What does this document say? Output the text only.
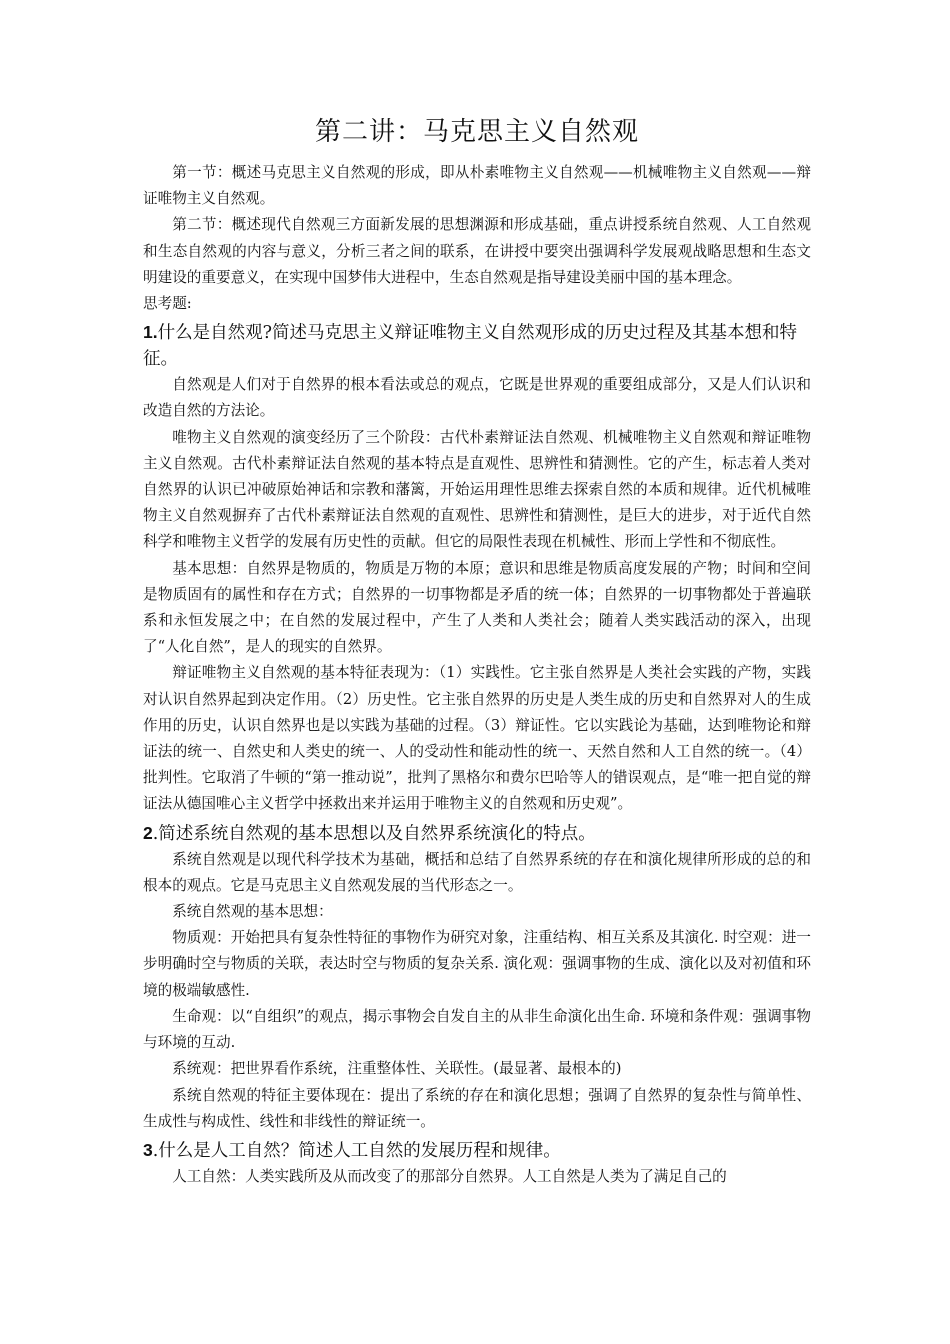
第二讲：马克思主义自然观

第一节：概述马克思主义自然观的形成，即从朴素唯物主义自然观——机械唯物主义自然观——辩证唯物主义自然观。

第二节：概述现代自然观三方面新发展的思想渊源和形成基础，重点讲授系统自然观、人工自然观和生态自然观的内容与意义，分析三者之间的联系，在讲授中要突出强调科学发展观战略思想和生态文明建设的重要意义，在实现中国梦伟大进程中，生态自然观是指导建设美丽中国的基本理念。

思考题:

1.什么是自然观?简述马克思主义辩证唯物主义自然观形成的历史过程及其基本想和特征。

自然观是人们对于自然界的根本看法或总的观点，它既是世界观的重要组成部分，又是人们认识和改造自然的方法论。

唯物主义自然观的演变经历了三个阶段：古代朴素辩证法自然观、机械唯物主义自然观和辩证唯物主义自然观。古代朴素辩证法自然观的基本特点是直观性、思辨性和猜测性。它的产生，标志着人类对自然界的认识已冲破原始神话和宗教和藩篱，开始运用理性思维去探索自然的本质和规律。近代机械唯物主义自然观摒弃了古代朴素辩证法自然观的直观性、思辨性和猜测性，是巨大的进步，对于近代自然科学和唯物主义哲学的发展有历史性的贡献。但它的局限性表现在机械性、形而上学性和不彻底性。

基本思想：自然界是物质的，物质是万物的本原；意识和思维是物质高度发展的产物；时间和空间是物质固有的属性和存在方式；自然界的一切事物都是矛盾的统一体；自然界的一切事物都处于普遍联系和永恒发展之中；在自然的发展过程中，产生了人类和人类社会；随着人类实践活动的深入，出现了“人化自然”，是人的现实的自然界。

辩证唯物主义自然观的基本特征表现为：（1）实践性。它主张自然界是人类社会实践的产物，实践对认识自然界起到决定作用。（2）历史性。它主张自然界的历史是人类生成的历史和自然界对人的生成作用的历史，认识自然界也是以实践为基础的过程。（3）辩证性。它以实践论为基础，达到唯物论和辩证法的统一、自然史和人类史的统一、人的受动性和能动性的统一、天然自然和人工自然的统一。（4）批判性。它取消了牛顿的“第一推动说”，批判了黑格尔和费尔巴哈等人的错误观点，是“唯一把自觉的辩证法从德国唯心主义哲学中拯救出来并运用于唯物主义的自然观和历史观”。

2.简述系统自然观的基本思想以及自然界系统演化的特点。

系统自然观是以现代科学技术为基础，概括和总结了自然界系统的存在和演化规律所形成的总的和根本的观点。它是马克思主义自然观发展的当代形态之一。

系统自然观的基本思想：

物质观：开始把具有复杂性特征的事物作为研究对象，注重结构、相互关系及其演化. 时空观：进一步明确时空与物质的关联，表达时空与物质的复杂关系. 演化观：强调事物的生成、演化以及对初值和环境的极端敏感性.

生命观：以“自组织”的观点，揭示事物会自发自主的从非生命演化出生命. 环境和条件观：强调事物与环境的互动.

系统观：把世界看作系统，注重整体性、关联性。(最显著、最根本的)

系统自然观的特征主要体现在：提出了系统的存在和演化思想；强调了自然界的复杂性与简单性、生成性与构成性、线性和非线性的辩证统一。

3.什么是人工自然？简述人工自然的发展历程和规律。

人工自然：人类实践所及从而改变了的那部分自然界。人工自然是人类为了满足自己的
